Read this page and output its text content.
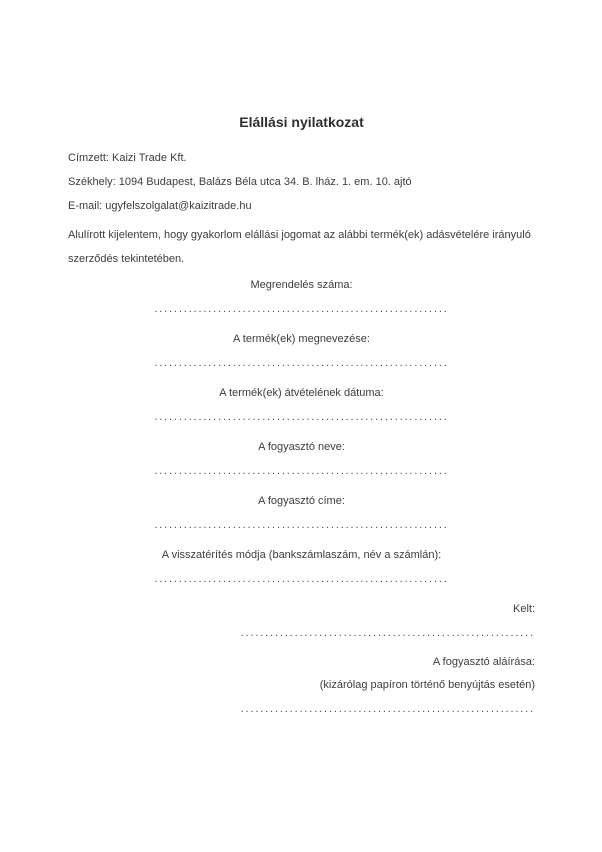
Elállási nyilatkozat

Címzett: Kaizi Trade Kft.

Székhely: 1094 Budapest, Balázs Béla utca 34. B. lház. 1. em. 10. ajtó

E-mail: ugyfelszolgalat@kaizitrade.hu

Alulírott kijelentem, hogy gyakorlom elállási jogomat az alábbi termék(ek) adásvételére irányuló szerződés tekintetében.

Megrendelés száma:
............................................................
A termék(ek) megnevezése:
............................................................
A termék(ek) átvételének dátuma:
............................................................
A fogyasztó neve:
............................................................
A fogyasztó címe:
............................................................
A visszatérítés módja (bankszámlaszám, név a számlán):
............................................................
Kelt:
............................................................
A fogyasztó aláírása:
(kizárólag papíron történő benyújtás esetén)
............................................................
